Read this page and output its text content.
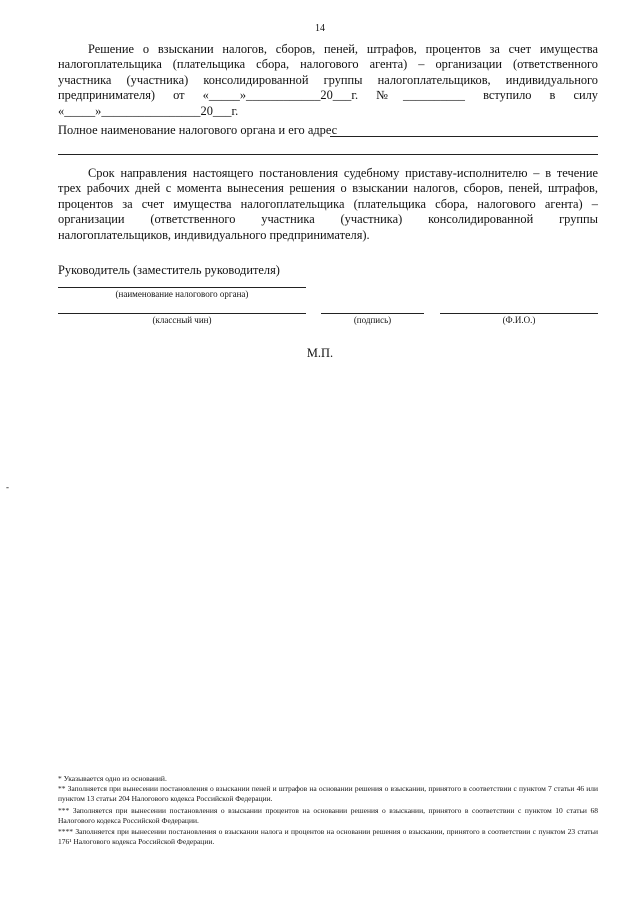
14
Решение о взыскании налогов, сборов, пеней, штрафов, процентов за счет имущества налогоплательщика (плательщика сбора, налогового агента) – организации (ответственного участника (участника) консолидированной группы налогоплательщиков, индивидуального предпринимателя) от «_____»____________20___г. №__________ вступило в силу «_____»________________20___г.
Полное наименование налогового органа и его адрес
Срок направления настоящего постановления судебному приставу-исполнителю – в течение трех рабочих дней с момента вынесения решения о взыскании налогов, сборов, пеней, штрафов, процентов за счет имущества налогоплательщика (плательщика сбора, налогового агента) – организации (ответственного участника (участника) консолидированной группы налогоплательщиков, индивидуального предпринимателя).
Руководитель (заместитель руководителя)
(наименование налогового органа)
(классный чин)	(подпись)	(Ф.И.О.)
М.П.
-
* Указывается одно из оснований.
** Заполняется при вынесении постановления о взыскании пеней и штрафов на основании решения о взыскании, принятого в соответствии с пунктом 7 статьи 46 или пунктом 13 статьи 204 Налогового кодекса Российской Федерации.
*** Заполняется при вынесении постановления о взыскании процентов на основании решения о взыскании, принятого в соответствии с пунктом 10 статьи 68 Налогового кодекса Российской Федерации.
**** Заполняется при вынесении постановления о взыскании налога и процентов на основании решения о взыскании, принятого в соответствии с пунктом 23 статьи 176¹ Налогового кодекса Российской Федерации.
